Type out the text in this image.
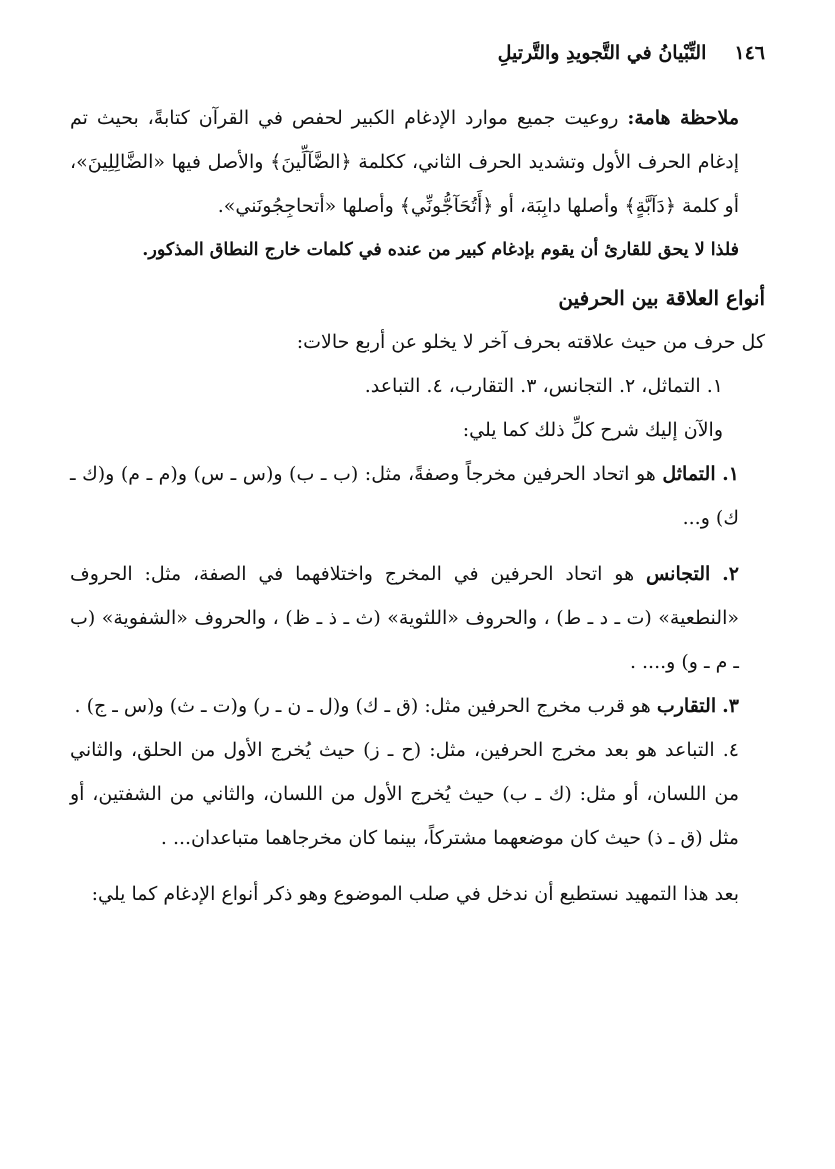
١٤٦
التِّبْيانُ في التَّجويدِ والتَّرتيلِ

ملاحظة هامة: روعيت جميع موارد الإدغام الكبير لحفص في القرآن كتابةً، بحيث تم إدغام الحرف الأول وتشديد الحرف الثاني، ككلمة ﴿الضَّآلِّينَ﴾ والأصل فيها «الضَّالِلِينَ»، أو كلمة ﴿دَآبَّةٍ﴾ وأصلها دابِبَة، أو ﴿أَتُحَآجُّونِّي﴾ وأصلها «أتحاجِجُونَني».

فلذا لا يحق للقارئ أن يقوم بإدغام كبير من عنده في كلمات خارج النطاق المذكور.

أنواع العلاقة بين الحرفين

كل حرف من حيث علاقته بحرف آخر لا يخلو عن أربع حالات:

١. التماثل، ٢. التجانس، ٣. التقارب، ٤. التباعد.

والآن إليك شرح كلِّ ذلك كما يلي:

١. التماثل هو اتحاد الحرفين مخرجاً وصفةً، مثل: (ب ـ ب) و(س ـ س) و(م ـ م) و(ك ـ ك) و...

٢. التجانس هو اتحاد الحرفين في المخرج واختلافهما في الصفة، مثل: الحروف «النطعية» (ت ـ د ـ ط) ، والحروف «اللثوية» (ث ـ ذ ـ ظ) ، والحروف «الشفوية» (ب ـ م ـ و) و.... .

٣. التقارب هو قرب مخرج الحرفين مثل: (ق ـ ك) و(ل ـ ن ـ ر) و(ت ـ ث) و(س ـ ج) .

٤. التباعد هو بعد مخرج الحرفين، مثل: (ح ـ ز) حيث يُخرج الأول من الحلق، والثاني من اللسان، أو مثل: (ك ـ ب) حيث يُخرج الأول من اللسان، والثاني من الشفتين، أو مثل (ق ـ ذ) حيث كان موضعهما مشتركاً، بينما كان مخرجاهما متباعدان... .

بعد هذا التمهيد نستطيع أن ندخل في صلب الموضوع وهو ذكر أنواع الإدغام كما يلي:
